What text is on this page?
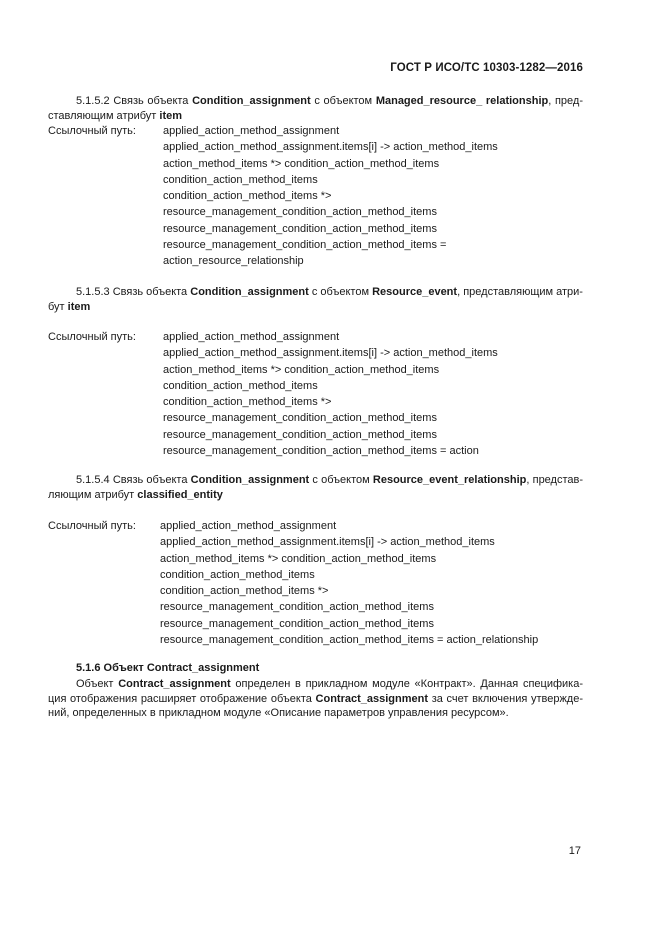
ГОСТ Р ИСО/ТС 10303-1282—2016
5.1.5.2 Связь объекта Condition_assignment с объектом Managed_resource_ relationship, пред-ставляющим атрибут item
Ссылочный путь: applied_action_method_assignment
applied_action_method_assignment.items[i] -> action_method_items
action_method_items *> condition_action_method_items
condition_action_method_items
condition_action_method_items *>
resource_management_condition_action_method_items
resource_management_condition_action_method_items
resource_management_condition_action_method_items =
action_resource_relationship
5.1.5.3 Связь объекта Condition_assignment с объектом Resource_event, представляющим атри-бут item
Ссылочный путь: applied_action_method_assignment
applied_action_method_assignment.items[i] -> action_method_items
action_method_items *> condition_action_method_items
condition_action_method_items
condition_action_method_items *>
resource_management_condition_action_method_items
resource_management_condition_action_method_items
resource_management_condition_action_method_items = action
5.1.5.4 Связь объекта Condition_assignment с объектом Resource_event_relationship, представ-ляющим атрибут classified_entity
Ссылочный путь: applied_action_method_assignment
applied_action_method_assignment.items[i] -> action_method_items
action_method_items *> condition_action_method_items
condition_action_method_items
condition_action_method_items *>
resource_management_condition_action_method_items
resource_management_condition_action_method_items
resource_management_condition_action_method_items = action_relationship
5.1.6 Объект Contract_assignment
Объект Contract_assignment определен в прикладном модуле «Контракт». Данная специфика-ция отображения расширяет отображение объекта Contract_assignment за счет включения утвержде-ний, определенных в прикладном модуле «Описание параметров управления ресурсом».
17
